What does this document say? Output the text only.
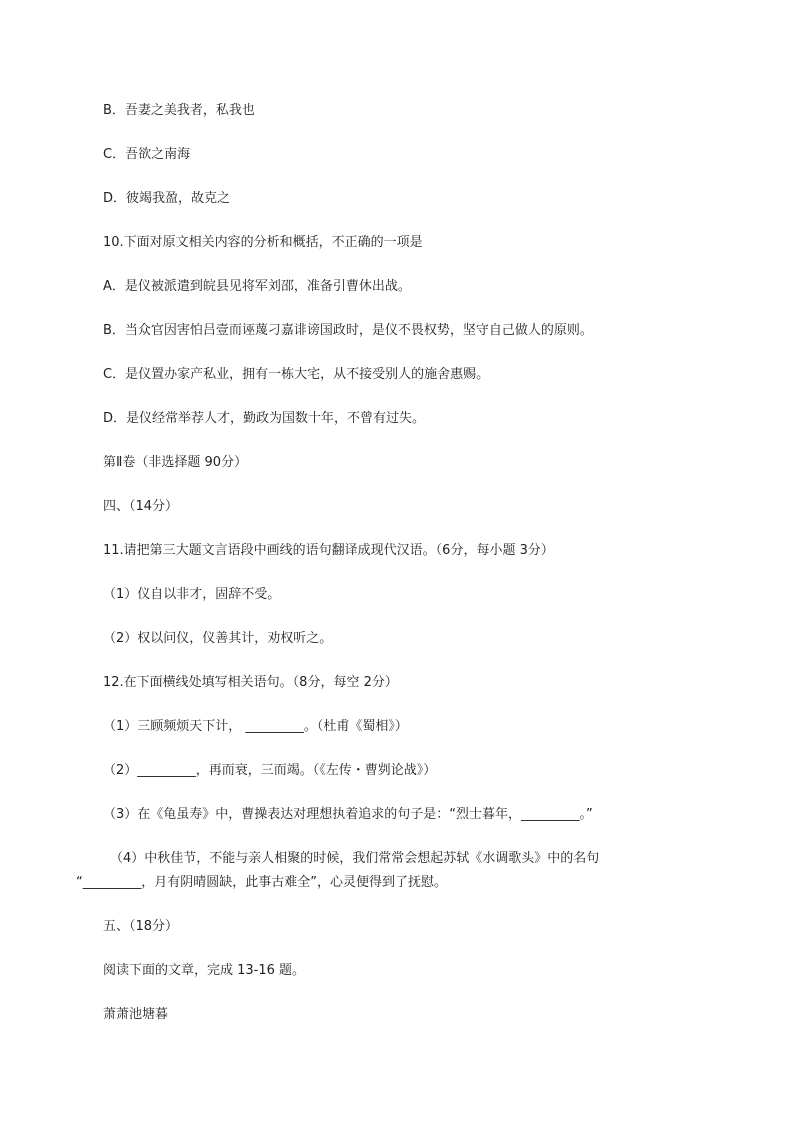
B．吾妻之美我者，私我也
C．吾欲之南海
D．彼竭我盈，故克之
10.下面对原文相关内容的分析和概括，不正确的一项是
A．是仪被派遣到皖县见将军刘邵，准备引曹休出战。
B．当众官因害怕吕壹而诬蔑刁嘉诽谤国政时，是仪不畏权势，坚守自己做人的原则。
C．是仪置办家产私业，拥有一栋大宅，从不接受别人的施舍惠赐。
D．是仪经常举荐人才，勤政为国数十年，不曾有过失。
第Ⅱ卷（非选择题 90分）
四、（14分）
11.请把第三大题文言语段中画线的语句翻译成现代汉语。（6分，每小题 3分）
（1）仪自以非才，固辞不受。
（2）权以问仪，仪善其计，劝权听之。
12.在下面横线处填写相关语句。（8分，每空 2分）
（1）三顾频烦天下计， _________。（杜甫《蜀相》）
（2）_________，再而衰，三而竭。（《左传・曹刿论战》）
（3）在《龟虽寿》中，曹操表达对理想执着追求的句子是：“烈士暮年，_________。”
（4）中秋佳节，不能与亲人相聚的时候，我们常常会想起苏轼《水调歌头》中的名句
“_________，月有阴晴圆缺，此事古难全”，心灵便得到了抚慰。
五、（18分）
阅读下面的文章，完成 13-16 题。
萧萧池塘暮
